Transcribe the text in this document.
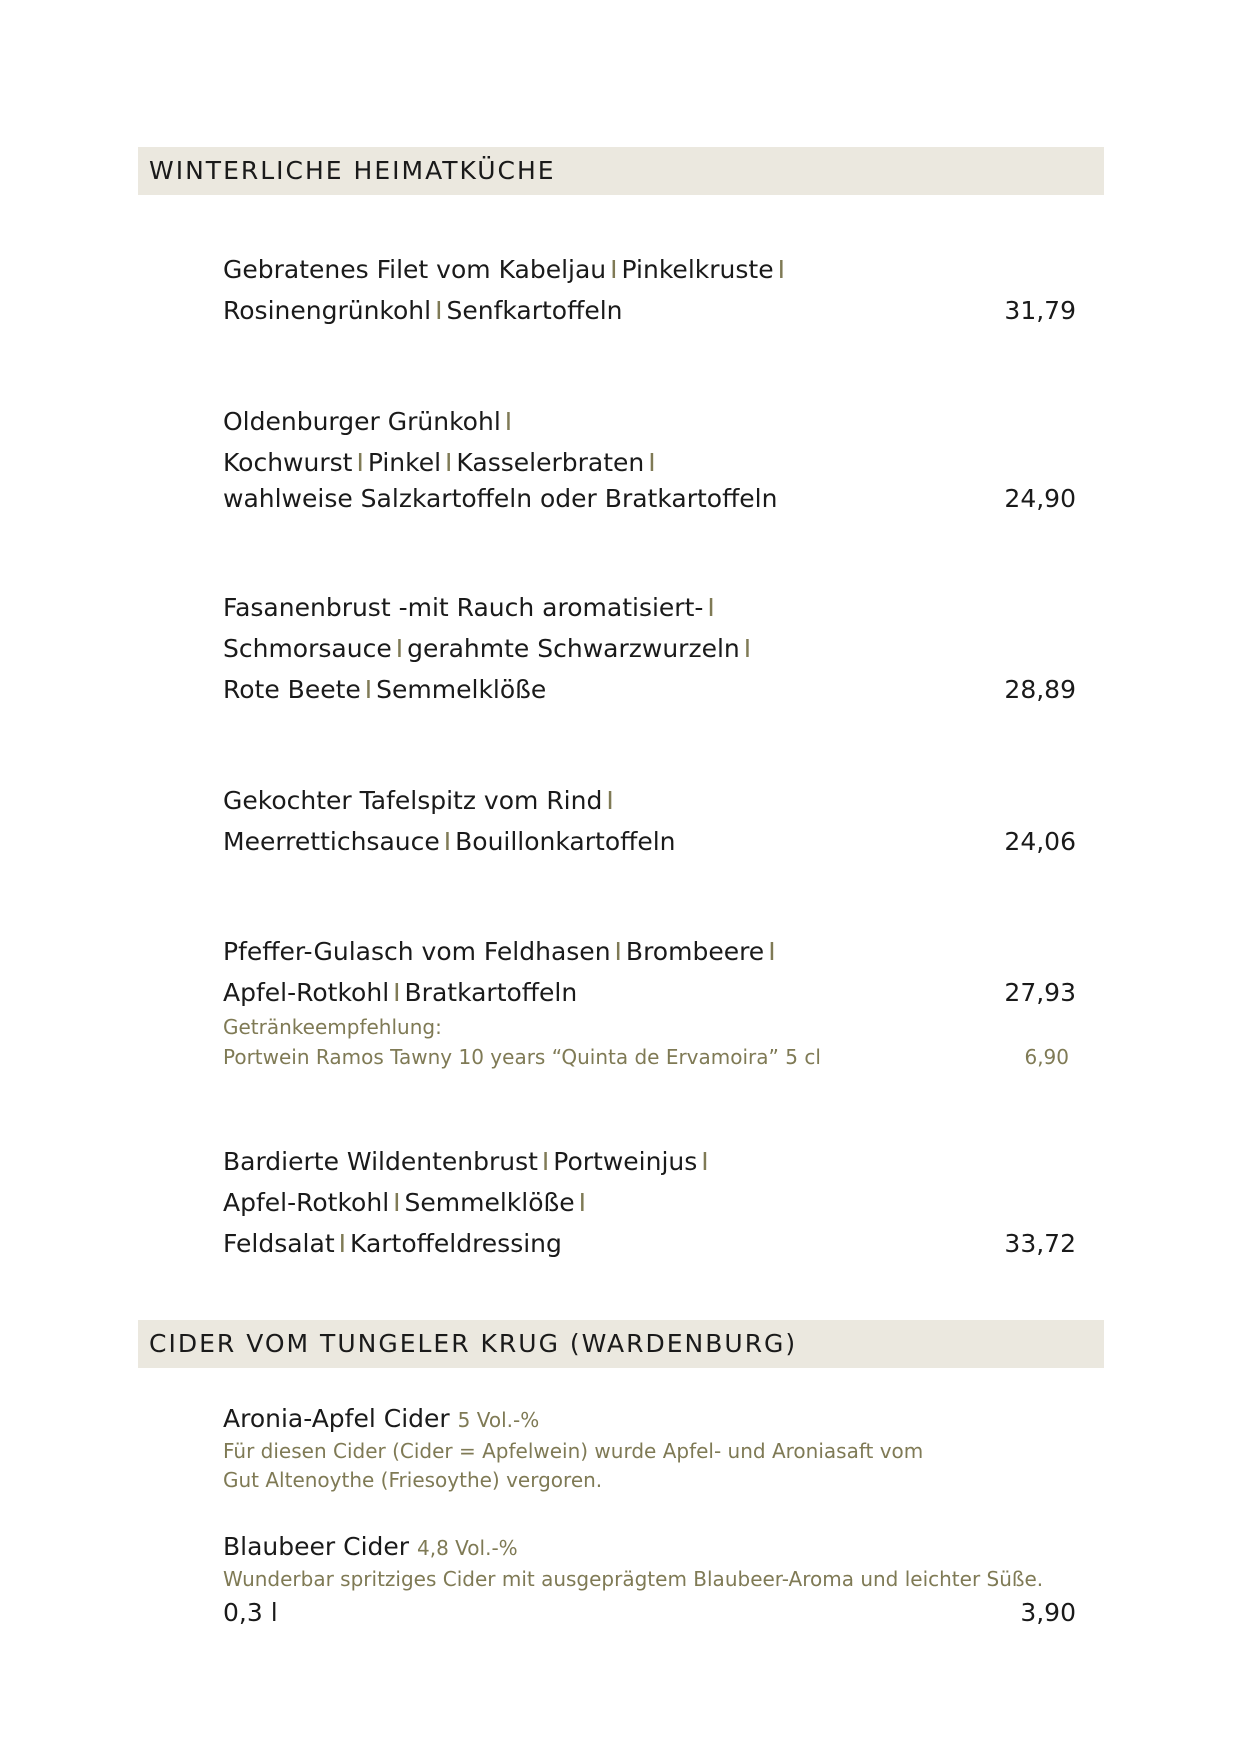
WINTERLICHE HEIMATKÜCHE
Gebratenes Filet vom Kabeljau I Pinkelkruste I
Rosinengrünkohl I Senfkartoffeln	31,79
Oldenburger Grünkohl I
Kochwurst I Pinkel I Kasselerbraten I
wahlweise Salzkartoffeln oder Bratkartoffeln	24,90
Fasanenbrust -mit Rauch aromatisiert- I
Schmorsauce I gerahmte Schwarzwurzeln I
Rote Beete I Semmelklöße	28,89
Gekochter Tafelspitz vom Rind I
Meerrettichsauce I Bouillonkartoffeln	24,06
Pfeffer-Gulasch vom Feldhasen I Brombeere I
Apfel-Rotkohl I Bratkartoffeln	27,93
Getränkeempfehlung:
Portwein Ramos Tawny 10 years “Quinta de Ervamoira” 5 cl	6,90
Bardierte Wildentenbrust I Portweinjus I
Apfel-Rotkohl I Semmelklöße I
Feldsalat I Kartoffeldressing	33,72
CIDER VOM TUNGELER KRUG (WARDENBURG)
Aronia-Apfel Cider 5 Vol.-%
Für diesen Cider (Cider = Apfelwein) wurde Apfel- und Aroniasaft vom
Gut Altenoythe (Friesoythe) vergoren.
Blaubeer Cider 4,8 Vol.-%
Wunderbar spritziges Cider mit ausgeprägtem Blaubeer-Aroma und leichter Süße.
0,3 l	3,90
